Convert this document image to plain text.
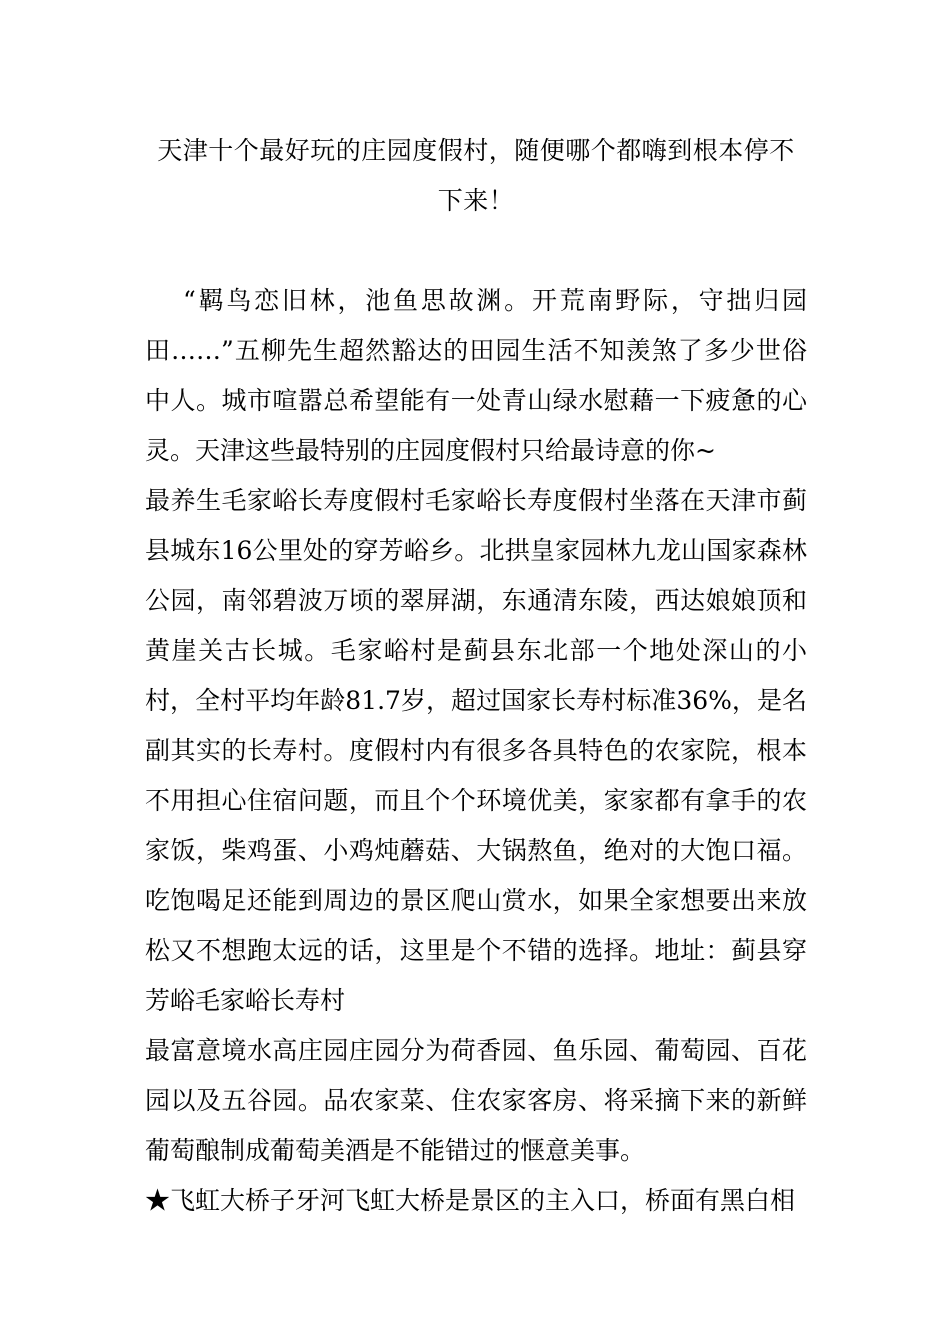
天津十个最好玩的庄园度假村，随便哪个都嗨到根本停不下来！

“羁鸟恋旧林，池鱼思故渊。开荒南野际，守拙归园田……”五柳先生超然豁达的田园生活不知羡煞了多少世俗中人。城市喧嚣总希望能有一处青山绿水慰藉一下疲惫的心灵。天津这些最特别的庄园度假村只给最诗意的你~

最养生毛家峪长寿度假村毛家峪长寿度假村坐落在天津市蓟县城东16公里处的穿芳峪乡。北拱皇家园林九龙山国家森林公园，南邻碧波万顷的翠屏湖，东通清东陵，西达娘娘顶和黄崖关古长城。毛家峪村是蓟县东北部一个地处深山的小村，全村平均年龄81.7岁，超过国家长寿村标准36%，是名副其实的长寿村。度假村内有很多各具特色的农家院，根本不用担心住宿问题，而且个个环境优美，家家都有拿手的农家饭，柴鸡蛋、小鸡炖蘑菇、大锅熬鱼，绝对的大饱口福。吃饱喝足还能到周边的景区爬山赏水，如果全家想要出来放松又不想跑太远的话，这里是个不错的选择。地址：蓟县穿芳峪毛家峪长寿村

最富意境水高庄园庄园分为荷香园、鱼乐园、葡萄园、百花园以及五谷园。品农家菜、住农家客房、将采摘下来的新鲜葡萄酿制成葡萄美酒是不能错过的惬意美事。

★飞虹大桥子牙河飞虹大桥是景区的主入口，桥面有黑白相
